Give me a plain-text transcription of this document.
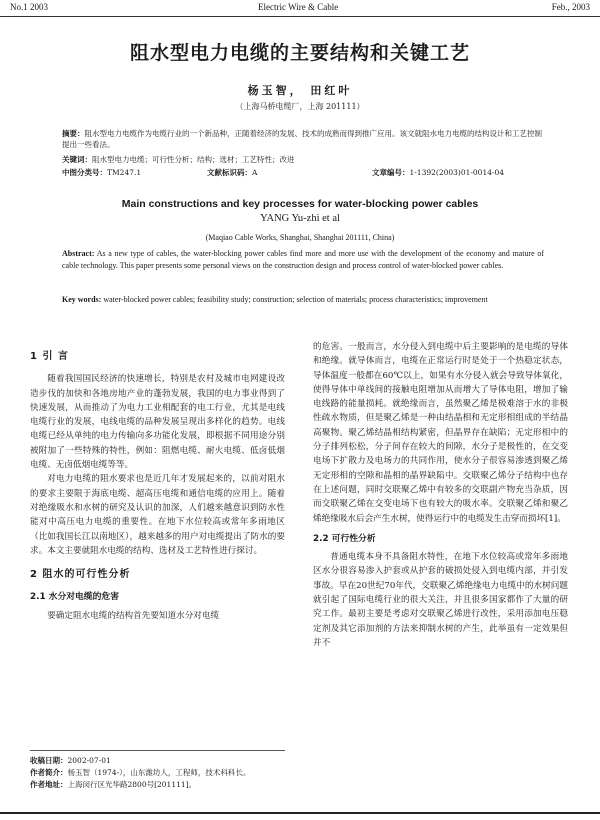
No.1 2003	Electric Wire & Cable	Feb., 2003
阻水型电力电缆的主要结构和关键工艺
杨玉智， 田红叶
（上海马桥电缆厂，上海 201111）
摘要：阻水型电力电缆作为电缆行业的一个新品种，正随着经济的发展、技术的成熟而得到推广应用。该文就阻水电力电缆的结构设计和工艺控制提出一些看法。
关键词：阻水型电力电缆；可行性分析；结构；选材；工艺特性；改进
中图分类号：TM247.1	文献标识码：A	文章编号：1-1392(2003)01-0014-04
Main constructions and key processes for water-blocking power cables
YANG Yu-zhi et al
(Maqiao Cable Works, Shanghai, Shanghai 201111, China)
Abstract: As a new type of cables, the water-blocking power cables find more and more use with the development of the economy and mature of cable technology. This paper presents some personal views on the construction design and process control of water-blocked power cables.
Key words: water-blocked power cables; feasibility study; construction; selection of materials; process characteristics; improvement
1 引 言

随着我国国民经济的快速增长，特别是农村及城市电网建设改造步伐的加快和各地房地产业的蓬勃发展，我国的电力事业得到了快速发展，从而推动了为电力工业相配套的电工行业，尤其是电线电缆行业的发展，电线电缆的品种发展呈现出多样化的趋势。电线电缆已经从单纯的电力传输向多功能化发展，即根据不同用途分别被附加了一些特殊的特性，例如：阻燃电缆、耐火电缆、低卤低烟电缆、无卤低烟电缆等等。

对电力电缆的阻水要求也是近几年才发展起来的，以前对阻水的要求主要限于海底电缆、超高压电缆和通信电缆的应用上。随着对绝缘吸水和水树的研究及认识的加深，人们越来越意识到防水性能对中高压电力电缆的重要性。在地下水位较高或常年多雨地区（比如我国长江以南地区），越来越多的用户对电缆提出了防水的要求。本文主要就阻水电缆的结构、选材及工艺特性进行探讨。

2 阻水的可行性分析
2.1 水分对电缆的危害

要确定阻水电缆的结构首先要知道水分对电缆

收稿日期：2002-07-01
作者简介：杨玉智（1974-），山东潍坊人，工程师，技术科科长。
作者地址：上海闵行区光华路2800号[201111]。

的危害。一般而言，水分侵入到电缆中后主要影响的是电缆的导体和绝缘。就导体而言，电缆在正常运行时是处于一个热稳定状态，导体温度一般都在60℃以上，如果有水分侵入就会导致导体氧化，使得导体中单线间的接触电阻增加从而增大了导体电阻，增加了输电线路的能量损耗。就绝缘而言，虽然聚乙烯是极难溶于水的非极性疏水物质，但是聚乙烯是一种由结晶相和无定形相组成的半结晶高聚物。聚乙烯结晶相结构紧密，但晶界存在缺陷；无定形相中的分子排列松松，分子间存在较大的间隙，水分子是极性的，在交变电场下扩散力及电场力的共同作用，使水分子很容易渗透到聚乙烯无定形相的空隙和晶相的晶界缺陷中。交联聚乙烯分子结构中也存在上述问题，同时交联聚乙烯中有较多的交联副产物充当杂质，因而交联聚乙烯在交变电场下也有较大的吸水率。交联聚乙烯和聚乙烯绝缘吸水后会产生水树，使得运行中的电缆发生击穿而损坏[1]。

2.2 可行性分析

普通电缆本身不具备阻水特性，在地下水位较高或常年多雨地区水分很容易渗入护套或从护套的破损处侵入到电缆内部，并引发事故。早在20世纪70年代，交联聚乙烯绝缘电力电缆中的水树问题就引起了国际电缆行业的很大关注，并且很多国家都作了大量的研究工作。最初主要是考虑对交联聚乙烯进行改性，采用添加电压稳定剂及其它添加剂的方法来抑制水树的产生，此举虽有一定效果但并不
